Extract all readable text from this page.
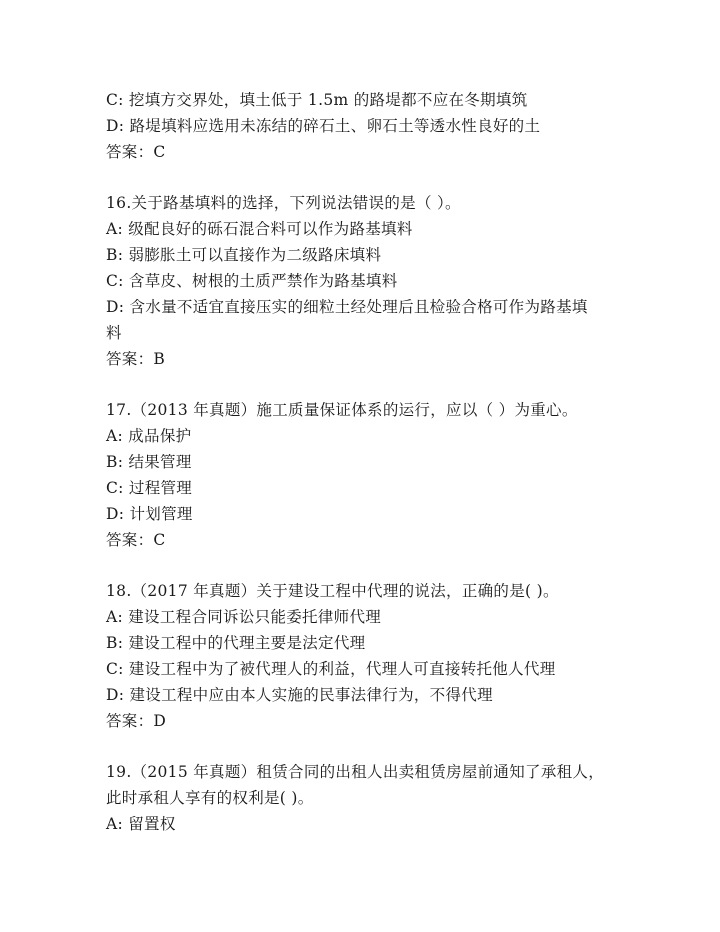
C: 挖填方交界处，填土低于 1.5m 的路堤都不应在冬期填筑
D: 路堤填料应选用未冻结的碎石土、卵石土等透水性良好的土
答案：C
16.关于路基填料的选择，下列说法错误的是（ ）。
A: 级配良好的砾石混合料可以作为路基填料
B: 弱膨胀土可以直接作为二级路床填料
C: 含草皮、树根的土质严禁作为路基填料
D: 含水量不适宜直接压实的细粒土经处理后且检验合格可作为路基填
料
答案：B
17.（2013 年真题）施工质量保证体系的运行，应以（ ）为重心。
A: 成品保护
B: 结果管理
C: 过程管理
D: 计划管理
答案：C
18.（2017 年真题）关于建设工程中代理的说法，正确的是( )。
A: 建设工程合同诉讼只能委托律师代理
B: 建设工程中的代理主要是法定代理
C: 建设工程中为了被代理人的利益，代理人可直接转托他人代理
D: 建设工程中应由本人实施的民事法律行为，不得代理
答案：D
19.（2015 年真题）租赁合同的出租人出卖租赁房屋前通知了承租人，
此时承租人享有的权利是( )。
A: 留置权
